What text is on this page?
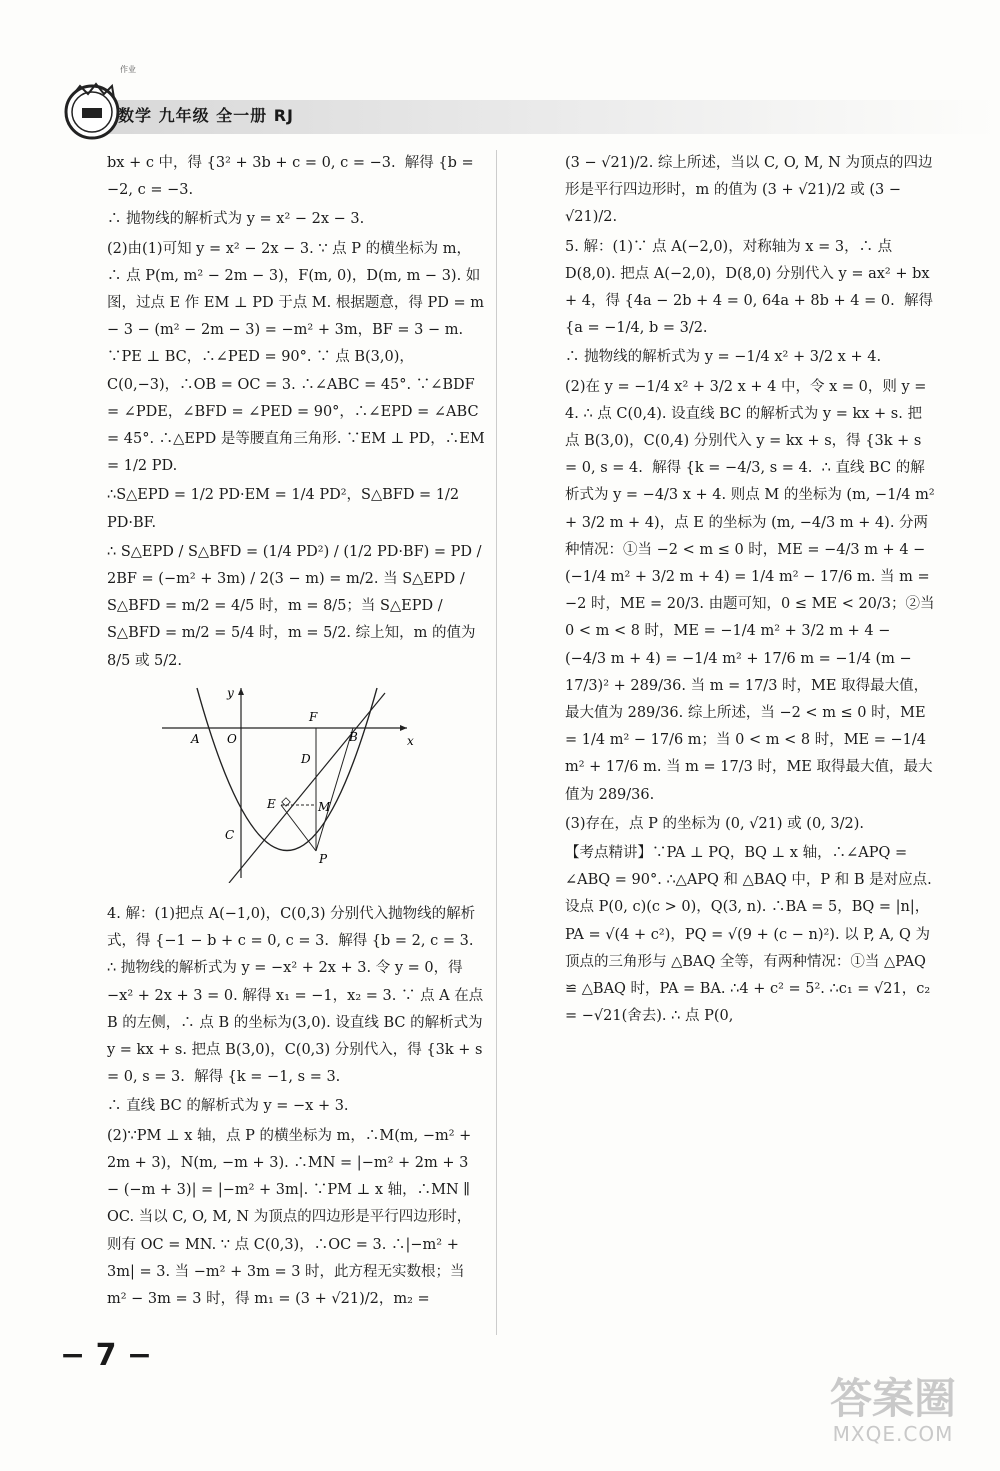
数学 九年级 全一册 RJ
作业

bx + c 中，得 {3² + 3b + c = 0, c = −3.  解得 {b = −2, c = −3.

∴ 抛物线的解析式为 y = x² − 2x − 3.

(2)由(1)可知 y = x² − 2x − 3. ∵ 点 P 的横坐标为 m，∴ 点 P(m, m² − 2m − 3)，F(m, 0)，D(m, m − 3). 如图，过点 E 作 EM ⊥ PD 于点 M. 根据题意，得 PD = m − 3 − (m² − 2m − 3) = −m² + 3m，BF = 3 − m. ∵PE ⊥ BC，∴∠PED = 90°. ∵ 点 B(3,0)，C(0,−3)，∴OB = OC = 3. ∴∠ABC = 45°. ∵∠BDF = ∠PDE，∠BFD = ∠PED = 90°，∴∠EPD = ∠ABC = 45°. ∴△EPD 是等腰直角三角形. ∵EM ⊥ PD，∴EM = 1/2 PD.

∴S△EPD = 1/2 PD·EM = 1/4 PD²，S△BFD = 1/2 PD·BF.

∴ S△EPD / S△BFD = (1/4 PD²) / (1/2 PD·BF) = PD / 2BF = (−m² + 3m) / 2(3 − m) = m/2. 当 S△EPD / S△BFD = m/2 = 4/5 时，m = 8/5；当 S△EPD / S△BFD = m/2 = 5/4 时，m = 5/2. 综上知，m 的值为 8/5 或 5/2.

y
x
A O
F
B
D
E	M
C
P

4. 解：(1)把点 A(−1,0)，C(0,3) 分别代入抛物线的解析式，得 {−1 − b + c = 0, c = 3.  解得 {b = 2, c = 3.  ∴ 抛物线的解析式为 y = −x² + 2x + 3. 令 y = 0，得 −x² + 2x + 3 = 0. 解得 x₁ = −1，x₂ = 3. ∵ 点 A 在点 B 的左侧，∴ 点 B 的坐标为(3,0). 设直线 BC 的解析式为 y = kx + s. 把点 B(3,0)，C(0,3) 分别代入，得 {3k + s = 0, s = 3.  解得 {k = −1, s = 3.

∴ 直线 BC 的解析式为 y = −x + 3.

(2)∵PM ⊥ x 轴，点 P 的横坐标为 m，∴M(m, −m² + 2m + 3)，N(m, −m + 3). ∴MN = |−m² + 2m + 3 − (−m + 3)| = |−m² + 3m|. ∵PM ⊥ x 轴，∴MN ∥ OC. 当以 C, O, M, N 为顶点的四边形是平行四边形时，则有 OC = MN. ∵ 点 C(0,3)，∴OC = 3. ∴|−m² + 3m| = 3. 当 −m² + 3m = 3 时，此方程无实数根；当 m² − 3m = 3 时，得 m₁ = (3 + √21)/2，m₂ =

(3 − √21)/2. 综上所述，当以 C, O, M, N 为顶点的四边形是平行四边形时，m 的值为 (3 + √21)/2 或 (3 − √21)/2.

5. 解：(1)∵ 点 A(−2,0)，对称轴为 x = 3，∴ 点 D(8,0). 把点 A(−2,0)，D(8,0) 分别代入 y = ax² + bx + 4，得 {4a − 2b + 4 = 0, 64a + 8b + 4 = 0.  解得 {a = −1/4, b = 3/2.

∴ 抛物线的解析式为 y = −1/4 x² + 3/2 x + 4.

(2)在 y = −1/4 x² + 3/2 x + 4 中，令 x = 0，则 y = 4. ∴ 点 C(0,4). 设直线 BC 的解析式为 y = kx + s. 把点 B(3,0)，C(0,4) 分别代入 y = kx + s，得 {3k + s = 0, s = 4.  解得 {k = −4/3, s = 4.  ∴ 直线 BC 的解析式为 y = −4/3 x + 4. 则点 M 的坐标为 (m, −1/4 m² + 3/2 m + 4)，点 E 的坐标为 (m, −4/3 m + 4). 分两种情况：①当 −2 < m ≤ 0 时，ME = −4/3 m + 4 − (−1/4 m² + 3/2 m + 4) = 1/4 m² − 17/6 m. 当 m = −2 时，ME = 20/3. 由题可知，0 ≤ ME < 20/3；②当 0 < m < 8 时，ME = −1/4 m² + 3/2 m + 4 − (−4/3 m + 4) = −1/4 m² + 17/6 m = −1/4 (m − 17/3)² + 289/36. 当 m = 17/3 时，ME 取得最大值，最大值为 289/36. 综上所述，当 −2 < m ≤ 0 时，ME = 1/4 m² − 17/6 m；当 0 < m < 8 时，ME = −1/4 m² + 17/6 m. 当 m = 17/3 时，ME 取得最大值，最大值为 289/36.

(3)存在，点 P 的坐标为 (0, √21) 或 (0, 3/2).

【考点精讲】∵PA ⊥ PQ，BQ ⊥ x 轴，∴∠APQ = ∠ABQ = 90°. ∴△APQ 和 △BAQ 中，P 和 B 是对应点. 设点 P(0, c)(c > 0)，Q(3, n). ∴BA = 5，BQ = |n|，PA = √(4 + c²)，PQ = √(9 + (c − n)²). 以 P, A, Q 为顶点的三角形与 △BAQ 全等，有两种情况：①当 △PAQ ≌ △BAQ 时，PA = BA. ∴4 + c² = 5². ∴c₁ = √21，c₂ = −√21(舍去). ∴ 点 P(0,

− 7 −
答案圈
MXQE.COM
